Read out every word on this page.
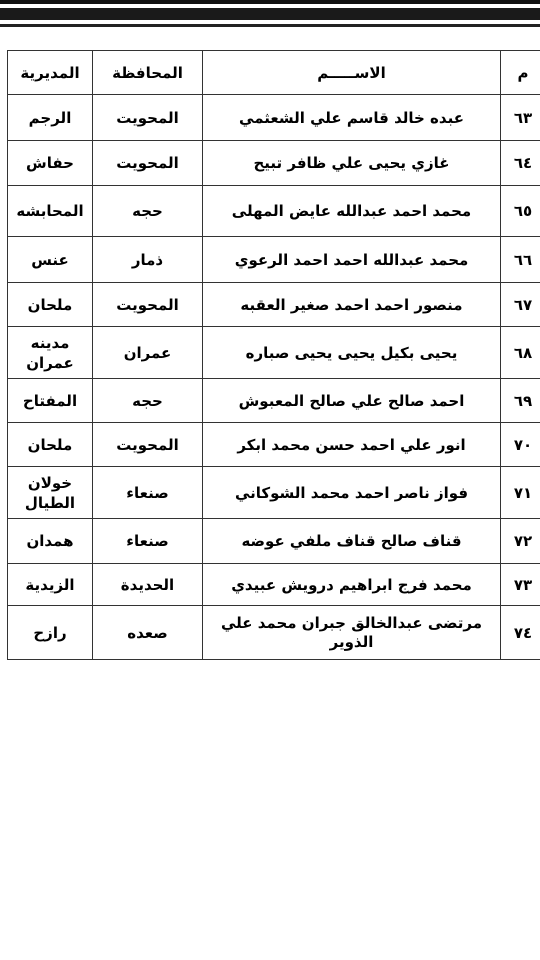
م	الاســـــم	المحافظة	المديرية
٦٣	عبده خالد قاسم علي الشعثمي	المحويت	الرجم
٦٤	غازي يحيى علي ظافر تبيح	المحويت	حفاش
٦٥	محمد احمد عبدالله عايض المهلى	حجه	المحابشه
٦٦	محمد عبدالله احمد احمد الرعوي	ذمار	عنس
٦٧	منصور احمد احمد صغير العقبه	المحويت	ملحان
٦٨	يحيى بكيل يحيى يحيى صباره	عمران	مدينه عمران
٦٩	احمد صالح علي صالح المعبوش	حجه	المفتاح
٧٠	انور علي احمد حسن محمد ابكر	المحويت	ملحان
٧١	فواز ناصر احمد محمد الشوكاني	صنعاء	خولان الطيال
٧٢	قناف صالح قناف ملفي عوضه	صنعاء	همدان
٧٣	محمد فرج ابراهيم درويش عبيدي	الحديدة	الزيدية
٧٤	مرتضى عبدالخالق جبران محمد علي الذوير	صعده	رازح
